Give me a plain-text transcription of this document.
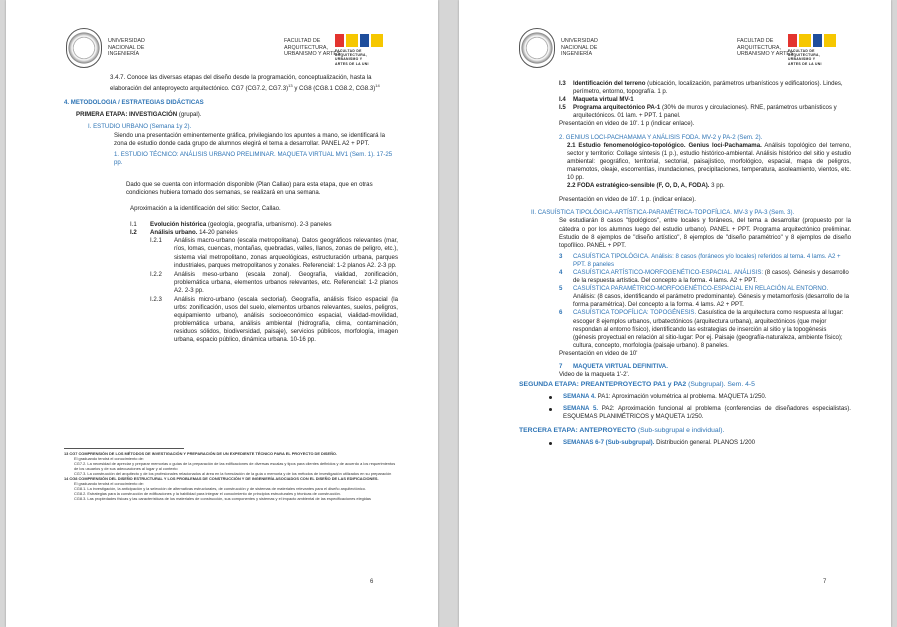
UNIVERSIDAD
NACIONAL DE
INGENIERÍA
FACULTAD DE
ARQUITECTURA,
URBANISMO Y ARTES
FACULTAD DE
ARQUITECTURA,
URBANISMO Y
ARTES DE LA UNI

3.4.7. Conoce las diversas etapas del diseño desde la programación, conceptualización, hasta la elaboración del anteproyecto arquitectónico. CG7 (CG7.2, CG7.3)$^{13}$ y CG8 (CG8.1 CG8.2, CG8.3)$^{14}$

4. METODOLOGIA / ESTRATEGIAS DIDÁCTICAS

PRIMERA ETAPA: INVESTIGACIÓN (grupal).

I. ESTUDIO URBANO (Semana 1y 2).

Siendo una presentación eminentemente gráfica, privilegiando los apuntes a mano, se identificará la zona de estudio donde cada grupo de alumnos elegirá el tema a desarrollar. PANEL A2 + PPT.

1. ESTUDIO TÉCNICO: ANÁLISIS URBANO PRELIMINAR. MAQUETA VIRTUAL MV1 (Sem. 1). 17-25 pp.

Dado que se cuenta con información disponible (Plan Callao) para esta etapa, que en otras condiciones hubiera tomado dos semanas, se realizará en una semana.

Aproximación a la identificación del sitio: Sector, Callao.

I.1 Evolución histórica (geología, geografía, urbanismo). 2-3 paneles
I.2 Análisis urbano. 14-20 paneles
I.2.1 Análisis macro-urbano (escala metropolitana). Datos geográficos relevantes (mar, ríos, lomas, cuencas, montañas, quebradas, valles, llanos, zonas de peligro, etc.), sistema vial metropolitano, zonas arqueológicas, estructuración urbana, parques industriales, parques metropolitanos y zonales. Referencial: 1-2 planos A2. 2-3 pp.
I.2.2 Análisis meso-urbano (escala zonal). Geografía, vialidad, zonificación, problemática urbana, elementos urbanos relevantes, etc. Referencial: 1-2 planos A2. 2-3 pp.
I.2.3 Análisis micro-urbano (escala sectorial). Geografía, análisis físico espacial (la urbs: zonificación, usos del suelo, elementos urbanos relevantes, suelos, peligros, equipamiento urbano), análisis socioeconómico espacial, vialidad-movilidad, problemática urbana, análisis ambiental (hidrografía, clima, contaminación, residuos sólidos, biodiversidad, paisaje), servicios públicos, morfología, imagen urbana, espacio público, dinámica urbana. 10-16 pp.
13 CG7 COMPRENSIÓN DE LOS MÉTODOS DE INVESTIGACIÓN Y PREPARACIÓN DE UN EXPEDIENTE TÉCNICO PARA EL PROYECTO DE DISEÑO.
El graduando tendrá el conocimiento de:
CG7.2. La necesidad de apreciar y preparar memorias o guías de la preparación de las edificaciones de diversas escalas y tipos para clientes definidos y de acuerdo a los requerimientos de los usuarios y de sus adecuaciones al lugar y al contexto
CG7.3. La construcción del arquitecto y de los profesionales relacionados al área en la formulación de la guía o memoria y de los métodos de investigación utilizados en su preparación
14 CG8 COMPRENSIÓN DEL DISEÑO ESTRUCTURAL Y LOS PROBLEMAS DE CONSTRUCCIÓN Y DE INGENIERÍA ASOCIADOS CON EL DISEÑO DE LAS EDIFICACIONES.
El graduando tendrá el conocimiento de:
CG8.1. La investigación, la anticipación y la selección de alternativas estructurales, de construcción y de sistemas de materiales relevantes para el diseño arquitectónico.
CG8.2. Estrategias para la construcción de edificaciones y la habilidad para integrar el conocimiento de principios estructurales y técnicas de construcción.
CG8.3. Las propiedades físicas y las características de los materiales de construcción, sus componentes y sistemas y el impacto ambiental de las especificaciones elegidas
6
UNIVERSIDAD
NACIONAL DE
INGENIERÍA
FACULTAD DE
ARQUITECTURA,
URBANISMO Y ARTES
FACULTAD DE
ARQUITECTURA,
URBANISMO Y
ARTES DE LA UNI
I.3 Identificación del terreno (ubicación, localización, parámetros urbanísticos y edificatorios). Lindes, perímetro, entorno, topografía. 1 p.
I.4 Maqueta virtual MV-1
I.5 Programa arquitectónico PA-1 (30% de muros y circulaciones). RNE, parámetros urbanísticos y arquitectónicos. 01 lam. + PPT. 1 panel.

Presentación en video de 10'. 1 p (indicar enlace).

2. GENIUS LOCI-PACHAMAMA Y ANÁLISIS FODA. MV-2 y PA-2 (Sem. 2).

2.1 Estudio fenomenológico-topológico. Genius loci-Pachamama. Análisis topológico del terreno, sector y territorio: Collage síntesis (1 p.), estudio histórico-ambiental. Análisis histórico del sitio y estudio ambiental: geográfico, territorial, sectorial, paisajístico, morfológico, espacial, mapa de peligros, maremotos, oleaje, escorrentías, inundaciones, precipitaciones, temperatura, asoleamiento, vientos, etc. 10 pp.

2.2 FODA estratégico-sensible (F, O, D, A, FODA). 3 pp.

Presentación en video de 10'. 1 p. (indicar enlace).

II. CASUÍSTICA TIPOLÓGICA-ARTÍSTICA-PARAMÉTRICA-TOPOFÍLICA. MV-3 y PA-3 (Sem. 3).

Se estudiarán 8 casos "tipológicos", entre locales y foráneos, del tema a desarrollar (propuesto por la cátedra o por los alumnos luego del estudio urbano). PANEL + PPT. Programa arquitectónico preliminar. Estudio de 8 ejemplos de "diseño artístico", 8 ejemplos de "diseño paramétrico" y 8 ejemplos de diseño topofílico. PANEL + PPT.

3 CASUÍSTICA TIPOLÓGICA. Análisis: 8 casos (foráneos y/o locales) referidos al tema. 4 lams. A2 + PPT. 8 paneles
4 CASUÍSTICA ARTÍSTICO-MORFOGENÉTICO-ESPACIAL. ANÁLISIS: (8 casos). Génesis y desarrollo de la respuesta artística. Del concepto a la forma. 4 lams. A2 + PPT.
5 CASUÍSTICA PARAMÉTRICO-MORFOGENÉTICO-ESPACIAL EN RELACIÓN AL ENTORNO. Análisis: (8 casos, identificando el parámetro predominante). Génesis y metamorfosis (desarrollo de la forma paramétrica). Del concepto a la forma. 4 lams. A2 + PPT.
6 CASUÍSTICA TOPOFÍLICA: TOPOGÉNESIS. Casuística de la arquitectura como respuesta al lugar: escoger 8 ejemplos urbanos, urbatectónicos (arquitectura urbana), arquitectónicos (que mejor respondan al entorno físico), identificando las estrategias de inserción al sitio y la topogénesis (génesis proyectual en relación al sitio-lugar: Por ej. Paisaje (geografía-naturaleza, ambiente físico); cultura, concepto, morfología (paisaje urbano). 8 paneles.

Presentación en video de 10'

7 MAQUETA VIRTUAL DEFINITIVA.

Video de la maqueta 1'-2'.

SEGUNDA ETAPA: PREANTEPROYECTO PA1 y PA2 (Subgrupal). Sem. 4-5

SEMANA 4. PA1: Aproximación volumétrica al problema. MAQUETA 1/250.
SEMANA 5. PA2: Aproximación funcional al problema (conferencias de diseñadores especialistas). ESQUEMAS PLANIMÉTRICOS y MAQUETA 1/250.

TERCERA ETAPA: ANTEPROYECTO (Sub-subgrupal e individual).

SEMANAS 6-7 (Sub-subgrupal). Distribución general. PLANOS 1/200
7
